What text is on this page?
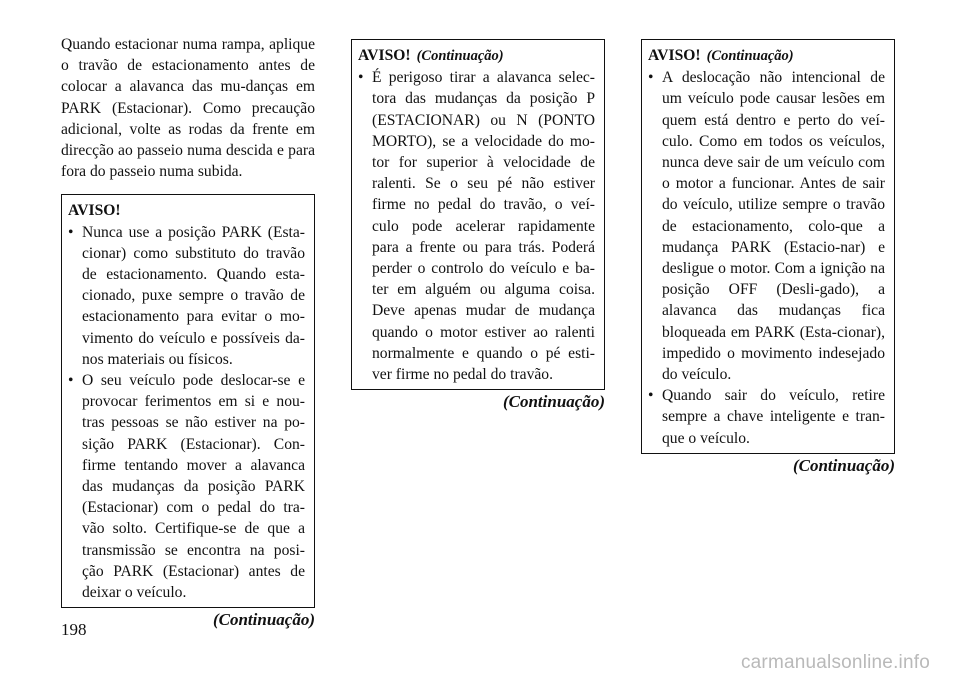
Quando estacionar numa rampa, aplique o travão de estacionamento antes de colocar a alavanca das mu-danças em PARK (Estacionar). Como precaução adicional, volte as rodas da frente em direcção ao passeio numa descida e para fora do passeio numa subida.

AVISO!
• Nunca use a posição PARK (Esta-cionar) como substituto do travão de estacionamento. Quando esta-cionado, puxe sempre o travão de estacionamento para evitar o mo-vimento do veículo e possíveis da-nos materiais ou físicos.
• O seu veículo pode deslocar-se e provocar ferimentos em si e nou-tras pessoas se não estiver na po-sição PARK (Estacionar). Con-firme tentando mover a alavanca das mudanças da posição PARK (Estacionar) com o pedal do tra-vão solto. Certifique-se de que a transmissão se encontra na posi-ção PARK (Estacionar) antes de deixar o veículo.
(Continuação)
AVISO! (Continuação)
• É perigoso tirar a alavanca selec-tora das mudanças da posição P (ESTACIONAR) ou N (PONTO MORTO), se a velocidade do mo-tor for superior à velocidade de ralenti. Se o seu pé não estiver firme no pedal do travão, o veí-culo pode acelerar rapidamente para a frente ou para trás. Poderá perder o controlo do veículo e ba-ter em alguém ou alguma coisa. Deve apenas mudar de mudança quando o motor estiver ao ralenti normalmente e quando o pé esti-ver firme no pedal do travão.
(Continuação)
AVISO! (Continuação)
• A deslocação não intencional de um veículo pode causar lesões em quem está dentro e perto do veí-culo. Como em todos os veículos, nunca deve sair de um veículo com o motor a funcionar. Antes de sair do veículo, utilize sempre o travão de estacionamento, colo-que a mudança PARK (Estacio-nar) e desligue o motor. Com a ignição na posição OFF (Desli-gado), a alavanca das mudanças fica bloqueada em PARK (Esta-cionar), impedido o movimento indesejado do veículo.
• Quando sair do veículo, retire sempre a chave inteligente e tran-que o veículo.
(Continuação)
198
carmanualsonline.info
